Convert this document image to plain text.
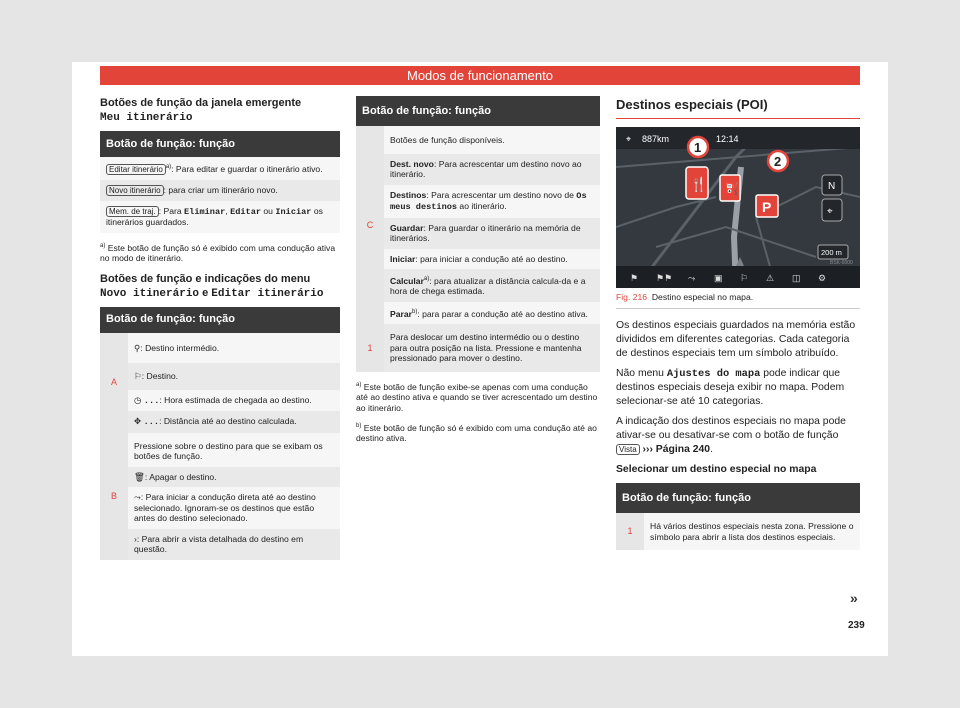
Modos de funcionamento
Botões de função da janela emergente
Meu itinerário
Botão de função: função
Editar itinerário $^{a)}$: Para editar e guardar o itinerário ativo.
Novo itinerário : para criar um itinerário novo.
Mem. de traj. : Para Eliminar, Editar ou Iniciar os itinerários guardados.
$^{a)}$ Este botão de função só é exibido com uma condução ativa no modo de itinerário.
Botões de função e indicações do menu
Novo itinerário e Editar itinerário
Botão de função: função	
A	⚲: Destino intermédio.
	⚐: Destino.
	◷ ...: Hora estimada de chegada ao destino.
	✥ ...: Distância até ao destino calculada.
B	Pressione sobre o destino para que se exibam os botões de função.
	🗑: Apagar o destino.
	⤳: Para iniciar a condução direta até ao destino selecionado. Ignoram-se os destinos que estão antes do destino selecionado.
	›: Para abrir a vista detalhada do destino em questão.
Botão de função: função	
C	Botões de função disponíveis.
	Dest. novo: Para acrescentar um destino novo ao itinerário.
	Destinos: Para acrescentar um destino novo de Os meus destinos ao itinerário.
	Guardar: Para guardar o itinerário na memória de itinerários.
	Iniciar: para iniciar a condução até ao destino.
	Calcular$^{a)}$: para atualizar a distância calcula-da e a hora de chega estimada.
	Parar$^{b)}$: para parar a condução até ao destino ativa.
1	Para deslocar um destino intermédio ou o destino para outra posição na lista. Pressione e mantenha pressionado para mover o destino.
$^{a)}$ Este botão de função exibe-se apenas com uma condução até ao destino ativa e quando se tiver acrescentado um destino ao itinerário.
$^{b)}$ Este botão de função só é exibido com uma condução até ao destino ativa.
Destinos especiais (POI)
⌖ 887km	12:14
🍴 ⛽
P
1
2
N
⌖
200 m
⚑ ⚑⚑ ⤳ ▣ ⚐ ⚠ ◫ ⚙
BSK-0000
Fig. 216 Destino especial no mapa.

Os destinos especiais guardados na memória estão divididos em diferentes categorias. Cada categoria de destinos especiais tem um símbolo atribuído.

Não menu Ajustes do mapa pode indicar que destinos especiais deseja exibir no mapa. Podem selecionar-se até 10 categorias.

A indicação dos destinos especiais no mapa pode ativar-se ou desativar-se com o botão de função Vista ››› Página 240.

Selecionar um destino especial no mapa
Botão de função: função
1	Há vários destinos especiais nesta zona. Pressione o símbolo para abrir a lista dos destinos especiais.
»
239
